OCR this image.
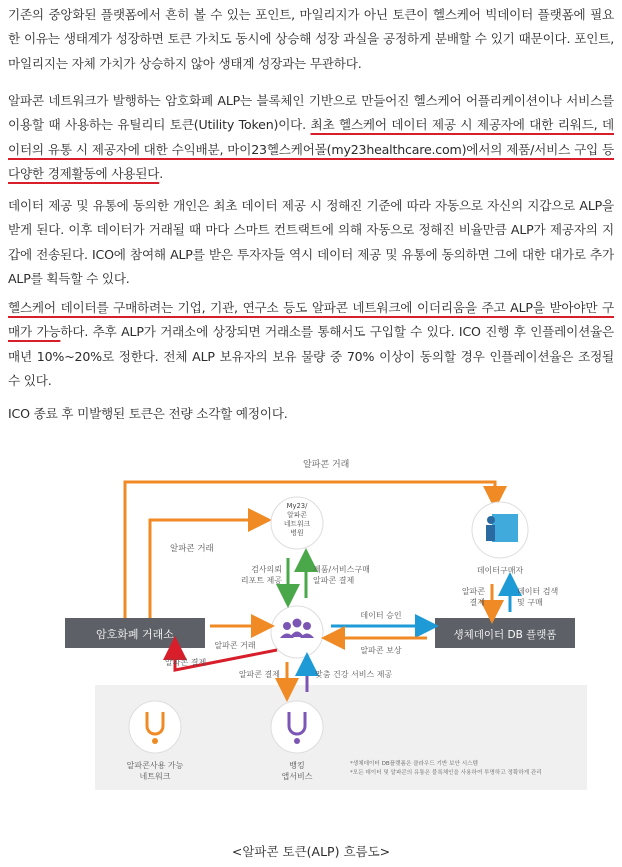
기존의 중앙화된 플랫폼에서 흔히 볼 수 있는 포인트, 마일리지가 아닌 토큰이 헬스케어 빅데이터 플랫폼에 필요한 이유는 생태계가 성장하면 토큰 가치도 동시에 상승해 성장 과실을 공정하게 분배할 수 있기 때문이다. 포인트, 마일리지는 자체 가치가 상승하지 않아 생태계 성장과는 무관하다.
알파콘 네트워크가 발행하는 암호화폐 ALP는 블록체인 기반으로 만들어진 헬스케어 어플리케이션이나 서비스를 이용할 때 사용하는 유틸리티 토큰(Utility Token)이다. 최초 헬스케어 데이터 제공 시 제공자에 대한 리워드, 데이터의 유통 시 제공자에 대한 수익배분, 마이23헬스케어몰(my23healthcare.com)에서의 제품/서비스 구입 등 다양한 경제활동에 사용된다.
데이터 제공 및 유통에 동의한 개인은 최초 데이터 제공 시 정해진 기준에 따라 자동으로 자신의 지갑으로 ALP을 받게 된다. 이후 데이터가 거래될 때 마다 스마트 컨트랙트에 의해 자동으로 정해진 비율만큼 ALP가 제공자의 지갑에 전송된다. ICO에 참여해 ALP를 받은 투자자들 역시 데이터 제공 및 유통에 동의하면 그에 대한 대가로 추가 ALP를 획득할 수 있다.
헬스케어 데이터를 구매하려는 기업, 기관, 연구소 등도 알파콘 네트워크에 이더리움을 주고 ALP을 받아야만 구매가 가능하다. 추후 ALP가 거래소에 상장되면 거래소를 통해서도 구입할 수 있다. ICO 진행 후 인플레이션율은 매년 10%~20%로 정한다. 전체 ALP 보유자의 보유 물량 중 70% 이상이 동의할 경우 인플레이션율은 조정될 수 있다.
ICO 종료 후 미발행된 토큰은 전량 소각할 예정이다.
알파콘 거래
알파콘 거래
암호화폐 거래소	생체데이터 DB 플랫폼
My23/
알파콘
네트워크
병원
검사의뢰
리포트 제공
제품/서비스구매
알파콘 결제
알파콘 거래
데이터 승인
알파콘 보상
데이터구매자
알파콘
결제
데이터 검색
및 구매
알파콘 결제
알파콘 결제	맞춤 건강 서비스 제공
알파콘사용 가능
네트워크
뱅킹
앱서비스
*생체데이터 DB플랫폼은 클라우드 기반 보안 시스템
*모든 데이터 및 알파콘의 유통은 블록체인을 사용하여 투명하고 정확하게 관리
<알파콘 토큰(ALP) 흐름도>
